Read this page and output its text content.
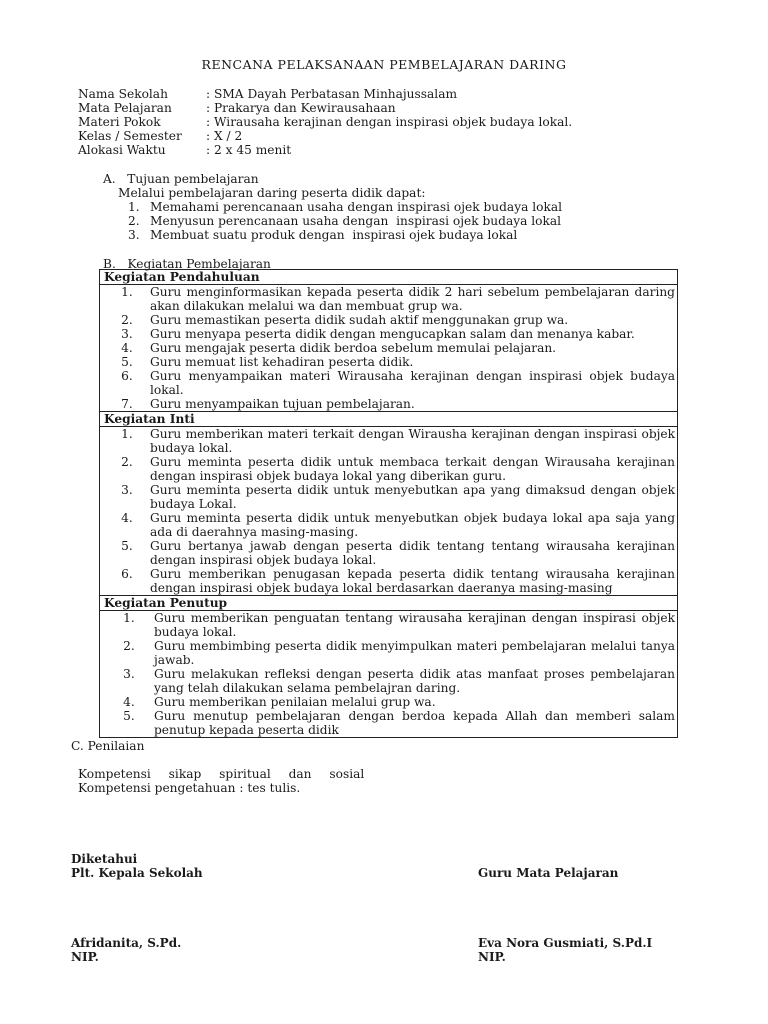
RENCANA PELAKSANAAN PEMBELAJARAN DARING
Nama Sekolah	: SMA Dayah Perbatasan Minhajussalam
Mata Pelajaran	: Prakarya dan Kewirausahaan
Materi Pokok	: Wirausaha kerajinan dengan inspirasi objek budaya lokal.
Kelas / Semester	: X / 2
Alokasi Waktu	: 2 x 45 menit
A.   Tujuan pembelajaran
Melalui pembelajaran daring peserta didik dapat:
1. Memahami perencanaan usaha dengan inspirasi ojek budaya lokal
2. Menyusun perencanaan usaha dengan  inspirasi ojek budaya lokal
3. Membuat suatu produk dengan  inspirasi ojek budaya lokal
B.   Kegiatan Pembelajaran
Kegiatan Pendahuluan

1.	Guru menginformasikan kepada peserta didik 2 hari sebelum pembelajaran daring akan dilakukan melalui wa dan membuat grup wa.
2.	Guru memastikan peserta didik sudah aktif menggunakan grup wa.
3.	Guru menyapa peserta didik dengan mengucapkan salam dan menanya kabar.
4.	Guru mengajak peserta didik berdoa sebelum memulai pelajaran.
5.	Guru memuat list kehadiran peserta didik.
6.	Guru menyampaikan materi Wirausaha kerajinan dengan inspirasi objek budaya lokal.
7.	Guru menyampaikan tujuan pembelajaran.

Kegiatan Inti

1.	Guru memberikan materi terkait dengan Wirausha kerajinan dengan inspirasi objek budaya lokal.
2.	Guru meminta peserta didik untuk membaca terkait dengan Wirausaha kerajinan dengan inspirasi objek budaya lokal yang diberikan guru.
3.	Guru meminta peserta didik untuk menyebutkan apa yang dimaksud dengan objek budaya Lokal.
4.	Guru meminta peserta didik untuk menyebutkan objek budaya lokal apa saja yang ada di daerahnya masing-masing.
5.	Guru bertanya jawab dengan peserta didik tentang tentang wirausaha kerajinan dengan inspirasi objek budaya lokal.
6.	Guru memberikan penugasan kepada peserta didik tentang wirausaha kerajinan dengan inspirasi objek budaya lokal berdasarkan daeranya masing-masing

Kegiatan Penutup

1.	Guru memberikan penguatan tentang wirausaha kerajinan dengan inspirasi objek budaya lokal.
2.	Guru membimbing peserta didik menyimpulkan materi pembelajaran melalui tanya jawab.
3.	Guru melakukan refleksi dengan peserta didik atas manfaat proses pembelajaran yang telah dilakukan selama pembelajran daring.
4.	Guru memberikan penilaian melalui grup wa.
5.	Guru menutup pembelajaran dengan berdoa kepada Allah dan memberi salam penutup kepada peserta didik
C. Penilaian
Kompetensi sikap spiritual dan sosial
Kompetensi pengetahuan : tes tulis.
Diketahui
Plt. Kepala Sekolah
Afridanita, S.Pd.
NIP.
Guru Mata Pelajaran
Eva Nora Gusmiati, S.Pd.I
NIP.
